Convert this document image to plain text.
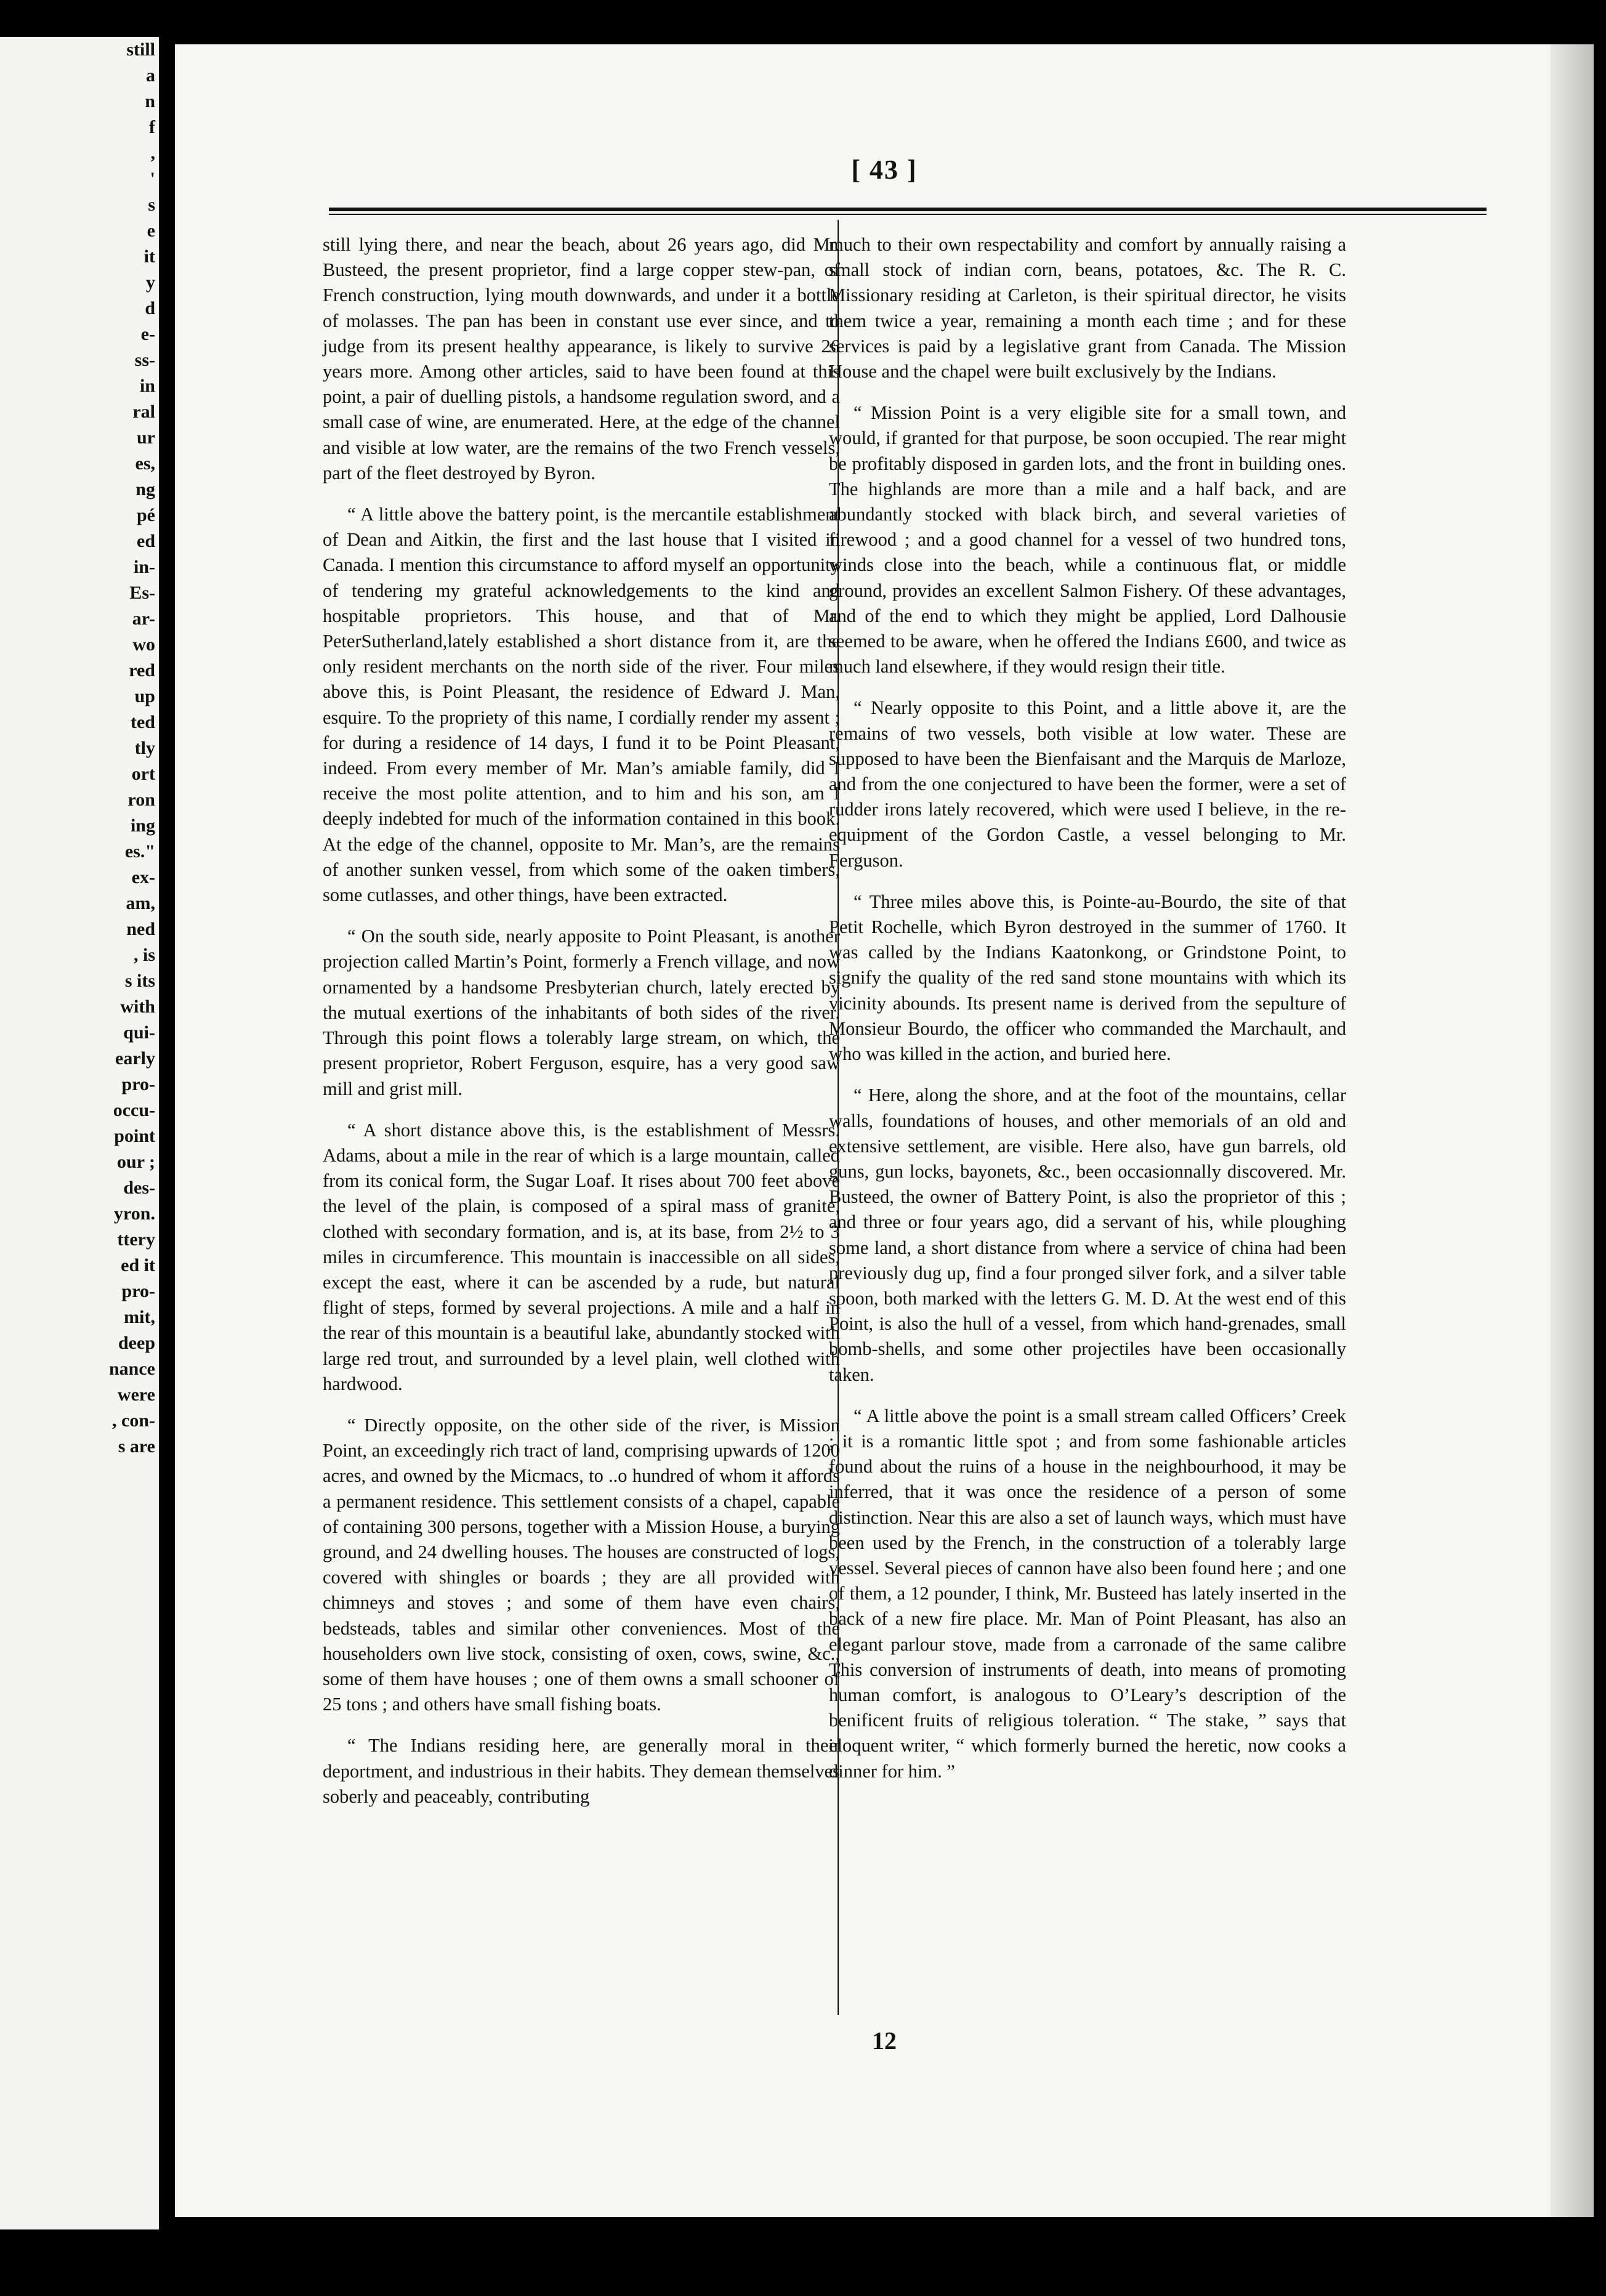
still
a
n
f
,
'
s
e
it
y
d
e-
ss-
in
ral
ur
es,
ng
pé
ed
in-
Es-
ar-
wo
red
up
ted
tly
ort
ron
ing
es."
ex-
am,
ned
, is
s its
with
qui-
early
pro-
occu-
point
our ;
des-
yron.
ttery
ed it
pro-
mit,
deep
nance
were
, con-
s are
[ 43 ]

still lying there, and near the beach, about 26 years ago, did Mr. Busteed, the present proprietor, find a large copper stew-pan, of French construction, lying mouth downwards, and under it a bottle of molasses. The pan has been in constant use ever since, and to judge from its present healthy appearance, is likely to survive 26 years more. Among other articles, said to have been found at this point, a pair of duelling pistols, a handsome regulation sword, and a small case of wine, are enumerated. Here, at the edge of the channel and visible at low water, are the remains of the two French vessels, part of the fleet destroyed by Byron.

“ A little above the battery point, is the mercantile establishment of Dean and Aitkin, the first and the last house that I visited in Canada. I mention this circumstance to afford myself an opportunity of tendering my grateful acknowledgements to the kind and hospitable proprietors. This house, and that of Mr. PeterSutherland,lately established a short distance from it, are the only resident merchants on the north side of the river. Four miles above this, is Point Pleasant, the residence of Edward J. Man, esquire. To the propriety of this name, I cordially render my assent ; for during a residence of 14 days, I fund it to be Point Pleasant, indeed. From every member of Mr. Man’s amiable family, did I receive the most polite attention, and to him and his son, am I deeply indebted for much of the information contained in this book. At the edge of the channel, opposite to Mr. Man’s, are the remains of another sunken vessel, from which some of the oaken timbers, some cutlasses, and other things, have been extracted.

“ On the south side, nearly apposite to Point Pleasant, is another projection called Martin’s Point, formerly a French village, and now ornamented by a handsome Presbyterian church, lately erected by the mutual exertions of the inhabitants of both sides of the river. Through this point flows a tolerably large stream, on which, the present proprietor, Robert Ferguson, esquire, has a very good saw mill and grist mill.

“ A short distance above this, is the establishment of Messrs. Adams, about a mile in the rear of which is a large mountain, called from its conical form, the Sugar Loaf. It rises about 700 feet above the level of the plain, is composed of a spiral mass of granite, clothed with secondary formation, and is, at its base, from 2½ to 3 miles in circumference. This mountain is inaccessible on all sides, except the east, where it can be ascended by a rude, but natural flight of steps, formed by several projections. A mile and a half in the rear of this mountain is a beautiful lake, abundantly stocked with large red trout, and surrounded by a level plain, well clothed with hardwood.

“ Directly opposite, on the other side of the river, is Mission Point, an exceedingly rich tract of land, comprising upwards of 1200 acres, and owned by the Micmacs, to ..o hundred of whom it affords a permanent residence. This settlement consists of a chapel, capable of containing 300 persons, together with a Mission House, a burying ground, and 24 dwelling houses. The houses are constructed of logs, covered with shingles or boards ; they are all provided with chimneys and stoves ; and some of them have even chairs, bedsteads, tables and similar other conveniences. Most of the householders own live stock, consisting of oxen, cows, swine, &c., some of them have houses ; one of them owns a small schooner of 25 tons ; and others have small fishing boats.

“ The Indians residing here, are generally moral in their deportment, and industrious in their habits. They demean themselves soberly and peaceably, contributing

much to their own respectability and comfort by annually raising a small stock of indian corn, beans, potatoes, &c. The R. C. Missionary residing at Carleton, is their spiritual director, he visits them twice a year, remaining a month each time ; and for these services is paid by a legislative grant from Canada. The Mission House and the chapel were built exclusively by the Indians.

“ Mission Point is a very eligible site for a small town, and would, if granted for that purpose, be soon occupied. The rear might be profitably disposed in garden lots, and the front in building ones. The highlands are more than a mile and a half back, and are abundantly stocked with black birch, and several varieties of firewood ; and a good channel for a vessel of two hundred tons, winds close into the beach, while a continuous flat, or middle ground, provides an excellent Salmon Fishery. Of these advantages, and of the end to which they might be applied, Lord Dalhousie seemed to be aware, when he offered the Indians £600, and twice as much land elsewhere, if they would resign their title.

“ Nearly opposite to this Point, and a little above it, are the remains of two vessels, both visible at low water. These are supposed to have been the Bienfaisant and the Marquis de Marloze, and from the one conjectured to have been the former, were a set of rudder irons lately recovered, which were used I believe, in the re-equipment of the Gordon Castle, a vessel belonging to Mr. Ferguson.

“ Three miles above this, is Pointe-au-Bourdo, the site of that Petit Rochelle, which Byron destroyed in the summer of 1760. It was called by the Indians Kaatonkong, or Grindstone Point, to signify the quality of the red sand stone mountains with which its vicinity abounds. Its present name is derived from the sepulture of Monsieur Bourdo, the officer who commanded the Marchault, and who was killed in the action, and buried here.

“ Here, along the shore, and at the foot of the mountains, cellar walls, foundations of houses, and other memorials of an old and extensive settlement, are visible. Here also, have gun barrels, old guns, gun locks, bayonets, &c., been occasionnally discovered. Mr. Busteed, the owner of Battery Point, is also the proprietor of this ; and three or four years ago, did a servant of his, while ploughing some land, a short distance from where a service of china had been previously dug up, find a four pronged silver fork, and a silver table spoon, both marked with the letters G. M. D. At the west end of this Point, is also the hull of a vessel, from which hand-grenades, small bomb-shells, and some other projectiles have been occasionally taken.

“ A little above the point is a small stream called Officers’ Creek ; it is a romantic little spot ; and from some fashionable articles found about the ruins of a house in the neighbourhood, it may be inferred, that it was once the residence of a person of some distinction. Near this are also a set of launch ways, which must have been used by the French, in the construction of a tolerably large vessel. Several pieces of cannon have also been found here ; and one of them, a 12 pounder, I think, Mr. Busteed has lately inserted in the back of a new fire place. Mr. Man of Point Pleasant, has also an elegant parlour stove, made from a carronade of the same calibre This conversion of instruments of death, into means of promoting human comfort, is analogous to O’Leary’s description of the benificent fruits of religious toleration. “ The stake, ” says that eloquent writer, “ which formerly burned the heretic, now cooks a dinner for him. ”

12
